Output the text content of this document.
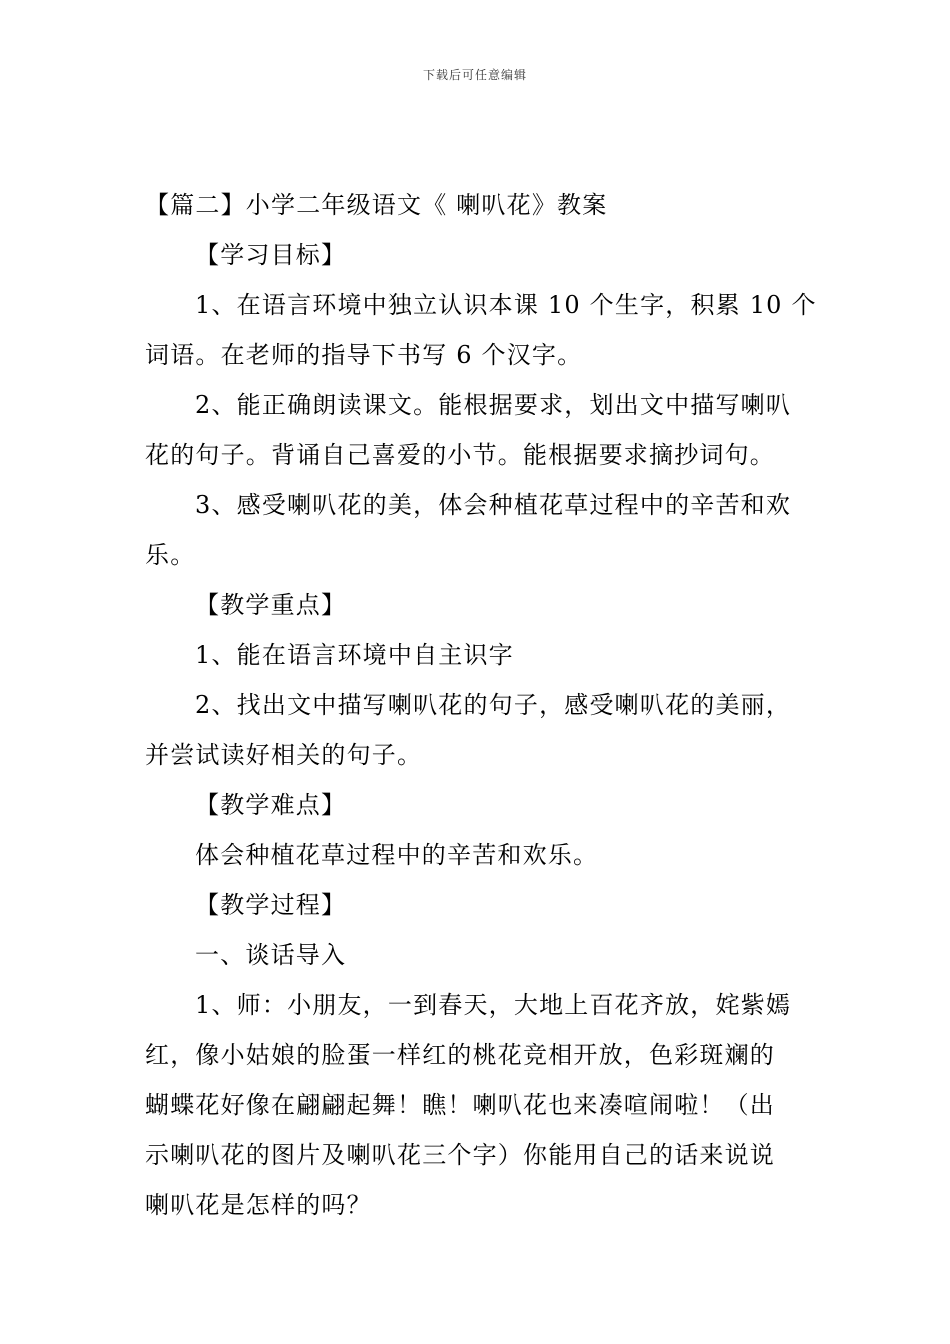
下载后可任意编辑
【篇二】小学二年级语文《 喇叭花》教案
【学习目标】
1、在语言环境中独立认识本课 10 个生字，积累 10 个
词语。在老师的指导下书写 6 个汉字。
2、能正确朗读课文。能根据要求，划出文中描写喇叭
花的句子。背诵自己喜爱的小节。能根据要求摘抄词句。
3、感受喇叭花的美，体会种植花草过程中的辛苦和欢
乐。
【教学重点】
1、能在语言环境中自主识字
2、找出文中描写喇叭花的句子，感受喇叭花的美丽，
并尝试读好相关的句子。
【教学难点】
体会种植花草过程中的辛苦和欢乐。
【教学过程】
一、谈话导入
1、师：小朋友，一到春天，大地上百花齐放，姹紫嫣
红，像小姑娘的脸蛋一样红的桃花竞相开放，色彩斑斓的
蝴蝶花好像在翩翩起舞！瞧！喇叭花也来凑喧闹啦！（出
示喇叭花的图片及喇叭花三个字）你能用自己的话来说说
喇叭花是怎样的吗？
